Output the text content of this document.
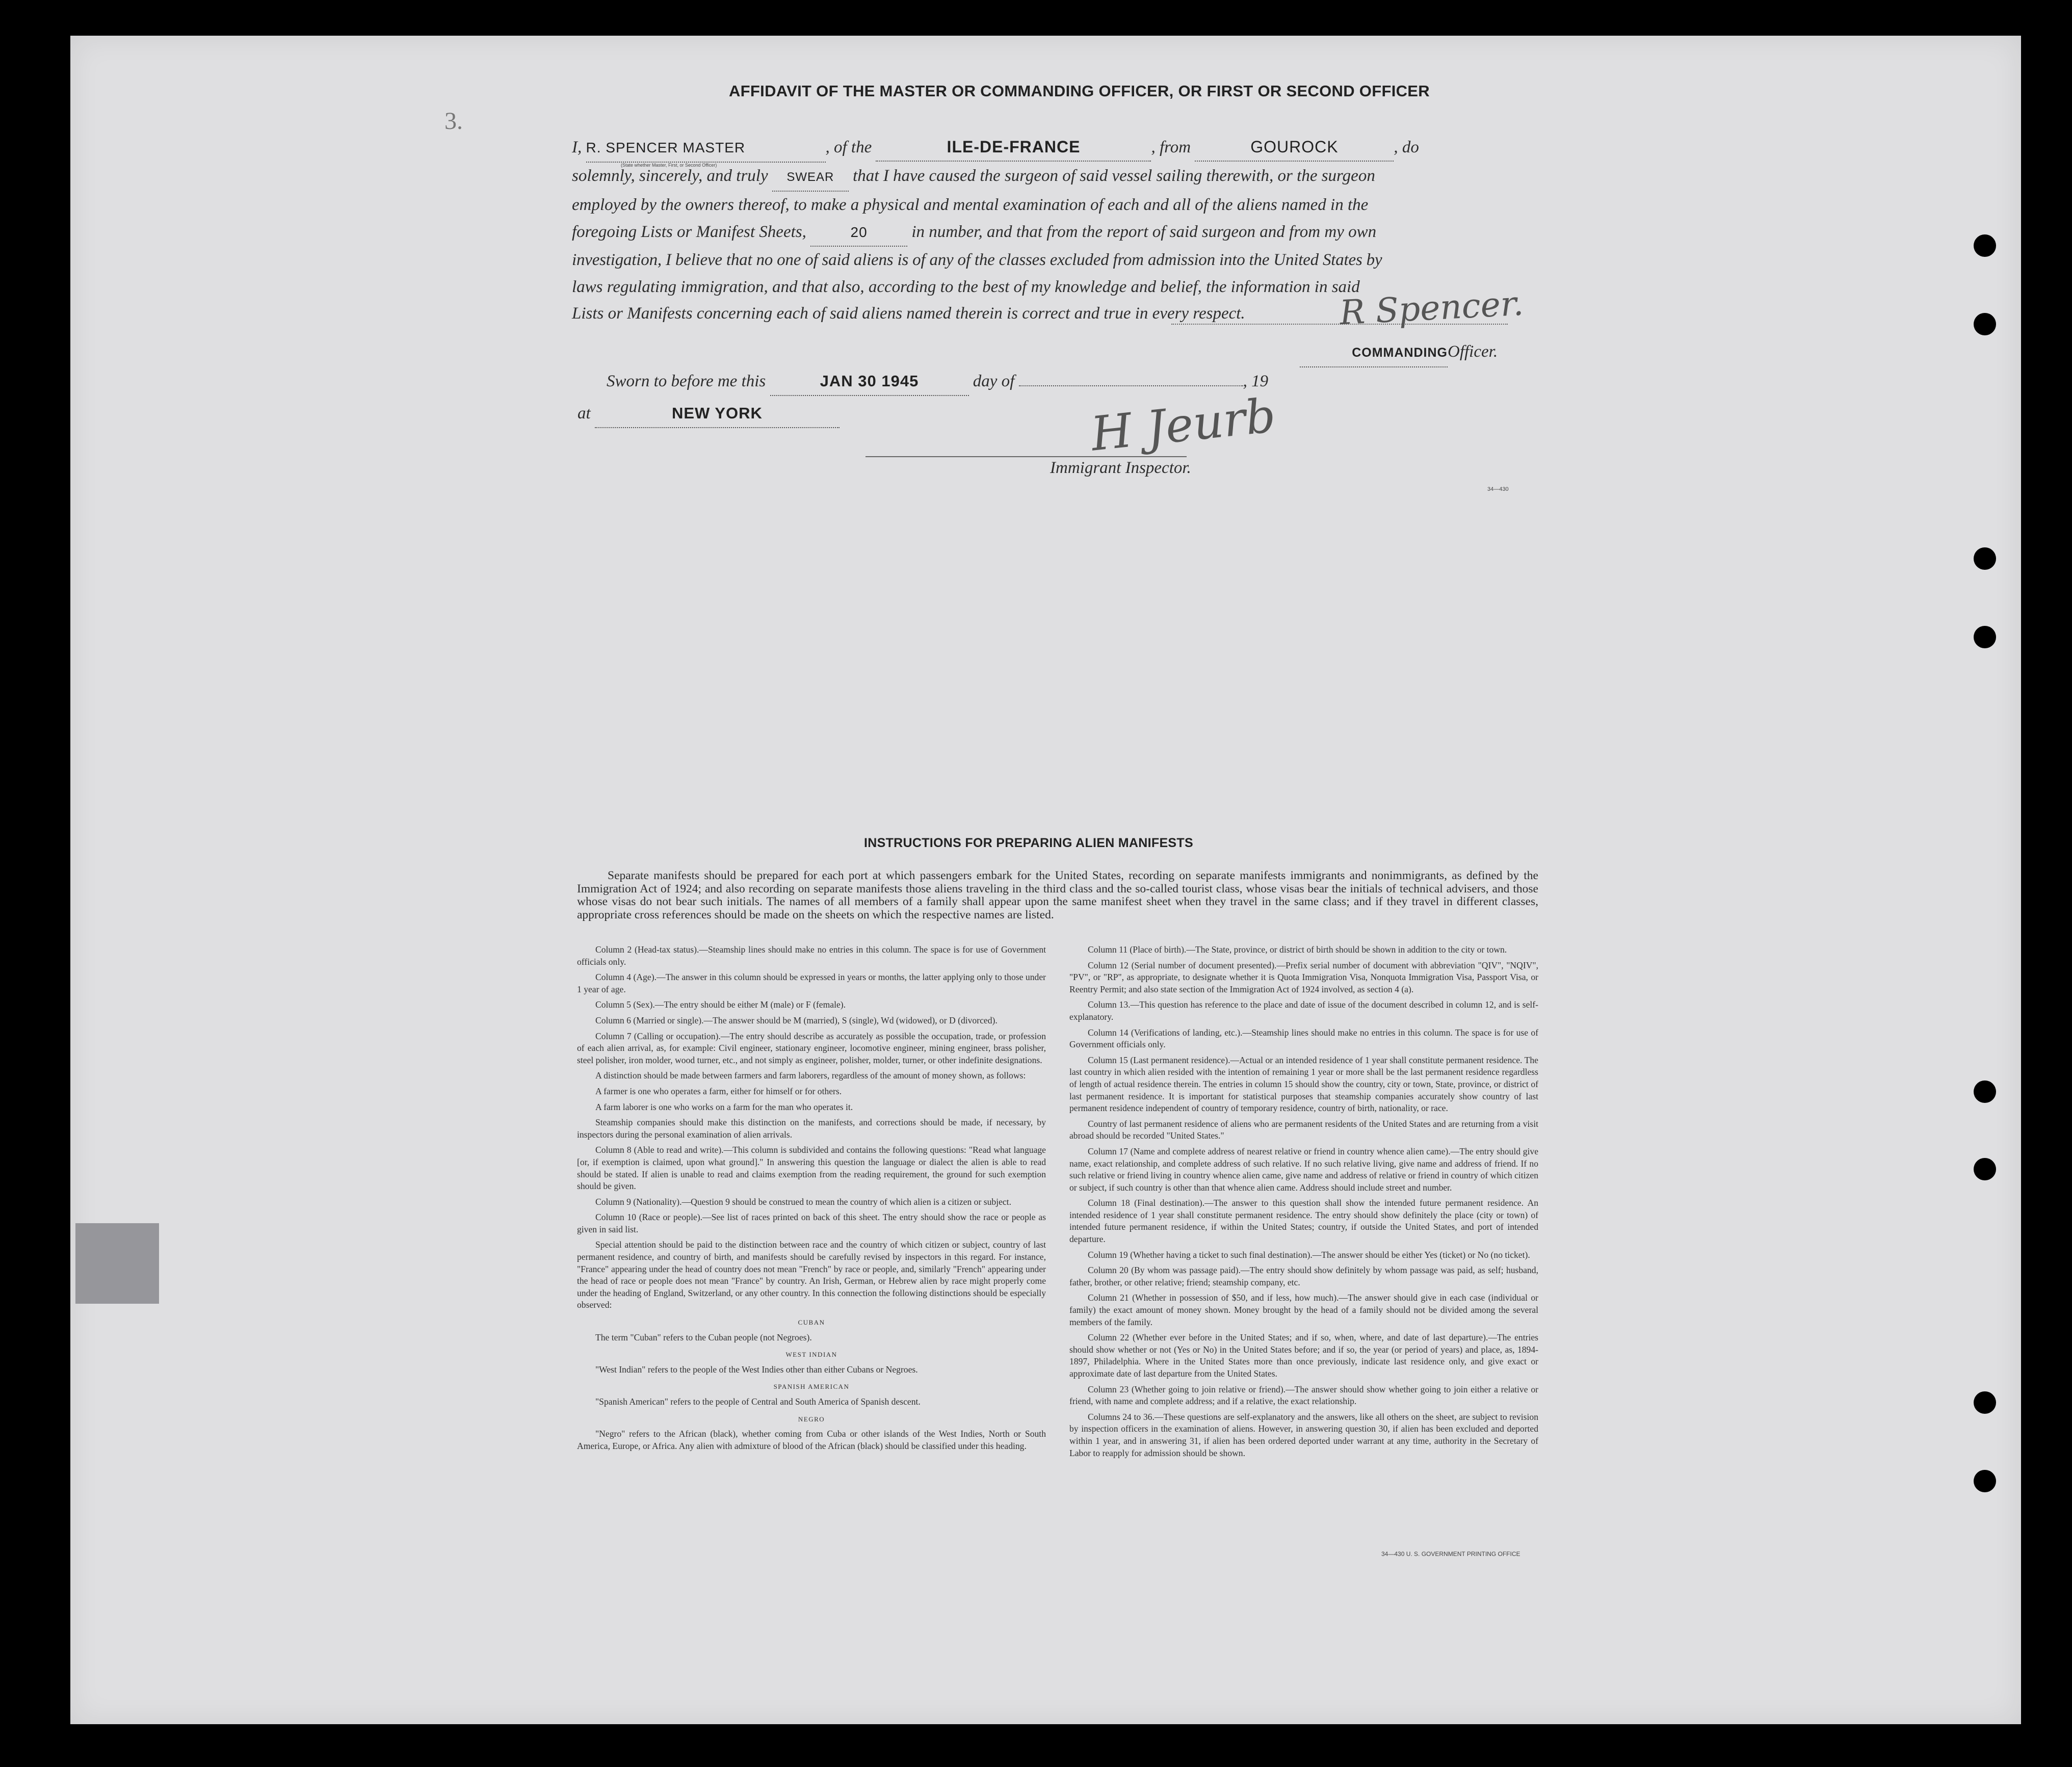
3.
AFFIDAVIT OF THE MASTER OR COMMANDING OFFICER, OR FIRST OR SECOND OFFICER
I, R. SPENCER MASTER	, of the	ILE-DE-FRANCE	, from	GOUROCK	, do
(State whether Master, First, or Second Officer)
solemnly, sincerely, and truly SWEAR that I have caused the surgeon of said vessel sailing therewith, or the surgeon
employed by the owners thereof, to make a physical and mental examination of each and all of the aliens named in the
foregoing Lists or Manifest Sheets,	20	in number, and that from the report of said surgeon and from my own
investigation, I believe that no one of said aliens is of any of the classes excluded from admission into the United States by
laws regulating immigration, and that also, according to the best of my knowledge and belief, the information in said
Lists or Manifests concerning each of said aliens named therein is correct and true in every respect.	R Spencer.
COMMANDINGOfficer.
Sworn to before me this	JAN 30 1945	day of	, 19
at	NEW YORK	H Jeurb
Immigrant Inspector.
34—430
INSTRUCTIONS FOR PREPARING ALIEN MANIFESTS
Separate manifests should be prepared for each port at which passengers embark for the United States, recording on separate manifests immigrants and nonimmigrants, as defined by the Immigration Act of 1924; and also recording on separate manifests those aliens traveling in the third class and the so-called tourist class, whose visas bear the initials of technical advisers, and those whose visas do not bear such initials. The names of all members of a family shall appear upon the same manifest sheet when they travel in the same class; and if they travel in different classes, appropriate cross references should be made on the sheets on which the respective names are listed.

Column 2 (Head-tax status).—Steamship lines should make no entries in this column. The space is for use of Government officials only.

Column 4 (Age).—The answer in this column should be expressed in years or months, the latter applying only to those under 1 year of age.

Column 5 (Sex).—The entry should be either M (male) or F (female).

Column 6 (Married or single).—The answer should be M (married), S (single), Wd (widowed), or D (divorced).

Column 7 (Calling or occupation).—The entry should describe as accurately as possible the occupation, trade, or profession of each alien arrival, as, for example: Civil engineer, stationary engineer, locomotive engineer, mining engineer, brass polisher, steel polisher, iron molder, wood turner, etc., and not simply as engineer, polisher, molder, turner, or other indefinite designations.

A distinction should be made between farmers and farm laborers, regardless of the amount of money shown, as follows:

A farmer is one who operates a farm, either for himself or for others.

A farm laborer is one who works on a farm for the man who operates it.

Steamship companies should make this distinction on the manifests, and corrections should be made, if necessary, by inspectors during the personal examination of alien arrivals.

Column 8 (Able to read and write).—This column is subdivided and contains the following questions: "Read what language [or, if exemption is claimed, upon what ground]." In answering this question the language or dialect the alien is able to read should be stated. If alien is unable to read and claims exemption from the reading requirement, the ground for such exemption should be given.

Column 9 (Nationality).—Question 9 should be construed to mean the country of which alien is a citizen or subject.

Column 10 (Race or people).—See list of races printed on back of this sheet. The entry should show the race or people as given in said list.

Special attention should be paid to the distinction between race and the country of which citizen or subject, country of last permanent residence, and country of birth, and manifests should be carefully revised by inspectors in this regard. For instance, "France" appearing under the head of country does not mean "French" by race or people, and, similarly "French" appearing under the head of race or people does not mean "France" by country. An Irish, German, or Hebrew alien by race might properly come under the heading of England, Switzerland, or any other country. In this connection the following distinctions should be especially observed:

CUBAN

The term "Cuban" refers to the Cuban people (not Negroes).

WEST INDIAN

"West Indian" refers to the people of the West Indies other than either Cubans or Negroes.

SPANISH AMERICAN

"Spanish American" refers to the people of Central and South America of Spanish descent.

NEGRO

"Negro" refers to the African (black), whether coming from Cuba or other islands of the West Indies, North or South America, Europe, or Africa. Any alien with admixture of blood of the African (black) should be classified under this heading.

Column 11 (Place of birth).—The State, province, or district of birth should be shown in addition to the city or town.

Column 12 (Serial number of document presented).—Prefix serial number of document with abbreviation "QIV", "NQIV", "PV", or "RP", as appropriate, to designate whether it is Quota Immigration Visa, Nonquota Immigration Visa, Passport Visa, or Reentry Permit; and also state section of the Immigration Act of 1924 involved, as section 4 (a).

Column 13.—This question has reference to the place and date of issue of the document described in column 12, and is self-explanatory.

Column 14 (Verifications of landing, etc.).—Steamship lines should make no entries in this column. The space is for use of Government officials only.

Column 15 (Last permanent residence).—Actual or an intended residence of 1 year shall constitute permanent residence. The last country in which alien resided with the intention of remaining 1 year or more shall be the last permanent residence regardless of length of actual residence therein. The entries in column 15 should show the country, city or town, State, province, or district of last permanent residence. It is important for statistical purposes that steamship companies accurately show country of last permanent residence independent of country of temporary residence, country of birth, nationality, or race.

Country of last permanent residence of aliens who are permanent residents of the United States and are returning from a visit abroad should be recorded "United States."

Column 17 (Name and complete address of nearest relative or friend in country whence alien came).—The entry should give name, exact relationship, and complete address of such relative. If no such relative living, give name and address of friend. If no such relative or friend living in country whence alien came, give name and address of relative or friend in country of which citizen or subject, if such country is other than that whence alien came. Address should include street and number.

Column 18 (Final destination).—The answer to this question shall show the intended future permanent residence. An intended residence of 1 year shall constitute permanent residence. The entry should show definitely the place (city or town) of intended future permanent residence, if within the United States; country, if outside the United States, and port of intended departure.

Column 19 (Whether having a ticket to such final destination).—The answer should be either Yes (ticket) or No (no ticket).

Column 20 (By whom was passage paid).—The entry should show definitely by whom passage was paid, as self; husband, father, brother, or other relative; friend; steamship company, etc.

Column 21 (Whether in possession of $50, and if less, how much).—The answer should give in each case (individual or family) the exact amount of money shown. Money brought by the head of a family should not be divided among the several members of the family.

Column 22 (Whether ever before in the United States; and if so, when, where, and date of last departure).—The entries should show whether or not (Yes or No) in the United States before; and if so, the year (or period of years) and place, as, 1894-1897, Philadelphia. Where in the United States more than once previously, indicate last residence only, and give exact or approximate date of last departure from the United States.

Column 23 (Whether going to join relative or friend).—The answer should show whether going to join either a relative or friend, with name and complete address; and if a relative, the exact relationship.

Columns 24 to 36.—These questions are self-explanatory and the answers, like all others on the sheet, are subject to revision by inspection officers in the examination of aliens. However, in answering question 30, if alien has been excluded and deported within 1 year, and in answering 31, if alien has been ordered deported under warrant at any time, authority in the Secretary of Labor to reapply for admission should be shown.

34—430 U. S. GOVERNMENT PRINTING OFFICE
